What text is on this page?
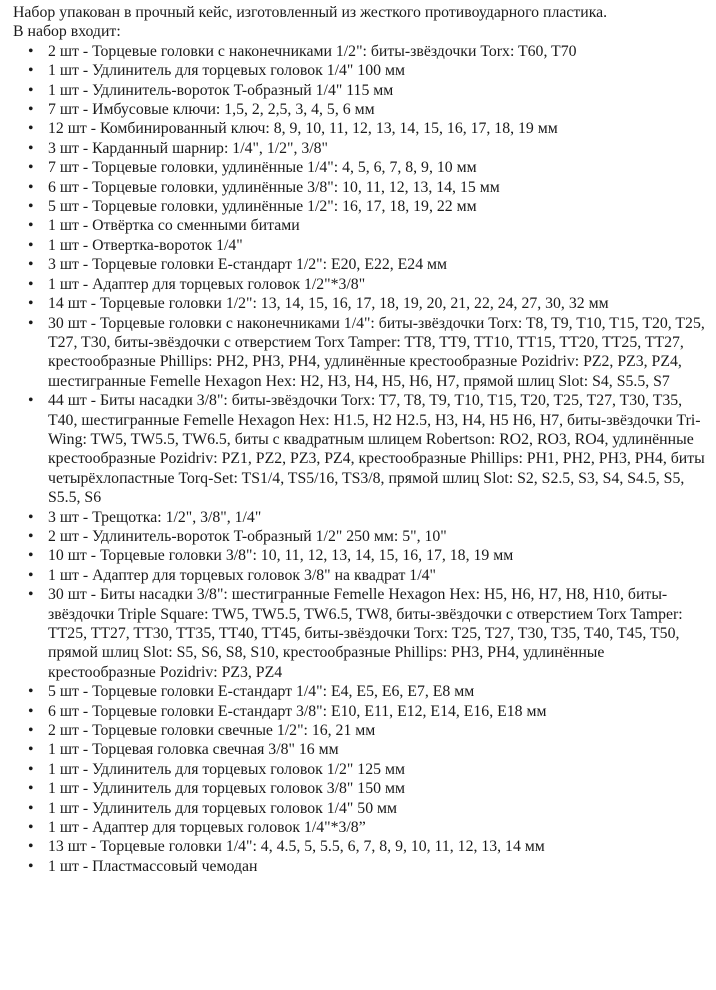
Набор упакован в прочный кейс, изготовленный из жесткого противоударного пластика.
В набор входит:

• 2 шт - Торцевые головки с наконечниками 1/2": биты-звёздочки Torx: T60, T70
• 1 шт - Удлинитель для торцевых головок 1/4" 100 мм
• 1 шт - Удлинитель-вороток T-образный 1/4" 115 мм
• 7 шт - Имбусовые ключи: 1,5, 2, 2,5, 3, 4, 5, 6 мм
• 12 шт - Комбинированный ключ: 8, 9, 10, 11, 12, 13, 14, 15, 16, 17, 18, 19 мм
• 3 шт - Карданный шарнир: 1/4", 1/2", 3/8"
• 7 шт - Торцевые головки, удлинённые 1/4": 4, 5, 6, 7, 8, 9, 10 мм
• 6 шт - Торцевые головки, удлинённые 3/8": 10, 11, 12, 13, 14, 15 мм
• 5 шт - Торцевые головки, удлинённые 1/2": 16, 17, 18, 19, 22 мм
• 1 шт - Отвёртка со сменными битами
• 1 шт - Отвертка-вороток 1/4"
• 3 шт - Торцевые головки E-стандарт 1/2": E20, E22, E24 мм
• 1 шт - Адаптер для торцевых головок 1/2"*3/8"
• 14 шт - Торцевые головки 1/2": 13, 14, 15, 16, 17, 18, 19, 20, 21, 22, 24, 27, 30, 32 мм
• 30 шт - Торцевые головки с наконечниками 1/4": биты-звёздочки Torx: T8, T9, T10, T15, T20, T25, T27, T30, биты-звёздочки с отверстием Torx Tamper: TT8, TT9, TT10, TT15, TT20, TT25, TT27, крестообразные Phillips: PH2, PH3, PH4, удлинённые крестообразные Pozidriv: PZ2, PZ3, PZ4, шестигранные Femelle Hexagon Hex: H2, H3, H4, H5, H6, H7, прямой шлиц Slot: S4, S5.5, S7
• 44 шт - Биты насадки 3/8": биты-звёздочки Torx: T7, T8, T9, T10, T15, T20, T25, T27, T30, T35, T40, шестигранные Femelle Hexagon Hex: H1.5, H2 H2.5, H3, H4, H5 H6, H7, биты-звёздочки Tri-Wing: TW5, TW5.5, TW6.5, биты с квадратным шлицем Robertson: RO2, RO3, RO4, удлинённые крестообразные Pozidriv: PZ1, PZ2, PZ3, PZ4, крестообразные Phillips: PH1, PH2, PH3, PH4, биты четырёхлопастные Torq-Set: TS1/4, TS5/16, TS3/8, прямой шлиц Slot: S2, S2.5, S3, S4, S4.5, S5, S5.5, S6
• 3 шт - Трещотка: 1/2", 3/8", 1/4"
• 2 шт - Удлинитель-вороток T-образный 1/2" 250 мм: 5", 10"
• 10 шт - Торцевые головки 3/8": 10, 11, 12, 13, 14, 15, 16, 17, 18, 19 мм
• 1 шт - Адаптер для торцевых головок 3/8" на квадрат 1/4"
• 30 шт - Биты насадки 3/8": шестигранные Femelle Hexagon Hex: H5, H6, H7, H8, H10, биты-звёздочки Triple Square: TW5, TW5.5, TW6.5, TW8, биты-звёздочки с отверстием Torx Tamper: TT25, TT27, TT30, TT35, TT40, TT45, биты-звёздочки Torx: T25, T27, T30, T35, T40, T45, T50, прямой шлиц Slot: S5, S6, S8, S10, крестообразные Phillips: PH3, PH4, удлинённые крестообразные Pozidriv: PZ3, PZ4
• 5 шт - Торцевые головки E-стандарт 1/4": E4, E5, E6, E7, E8 мм
• 6 шт - Торцевые головки E-стандарт 3/8": E10, E11, E12, E14, E16, E18 мм
• 2 шт - Торцевые головки свечные 1/2": 16, 21 мм
• 1 шт - Торцевая головка свечная 3/8" 16 мм
• 1 шт - Удлинитель для торцевых головок 1/2" 125 мм
• 1 шт - Удлинитель для торцевых головок 3/8" 150 мм
• 1 шт - Удлинитель для торцевых головок 1/4" 50 мм
• 1 шт - Адаптер для торцевых головок 1/4"*3/8”
• 13 шт - Торцевые головки 1/4": 4, 4.5, 5, 5.5, 6, 7, 8, 9, 10, 11, 12, 13, 14 мм
• 1 шт - Пластмассовый чемодан
